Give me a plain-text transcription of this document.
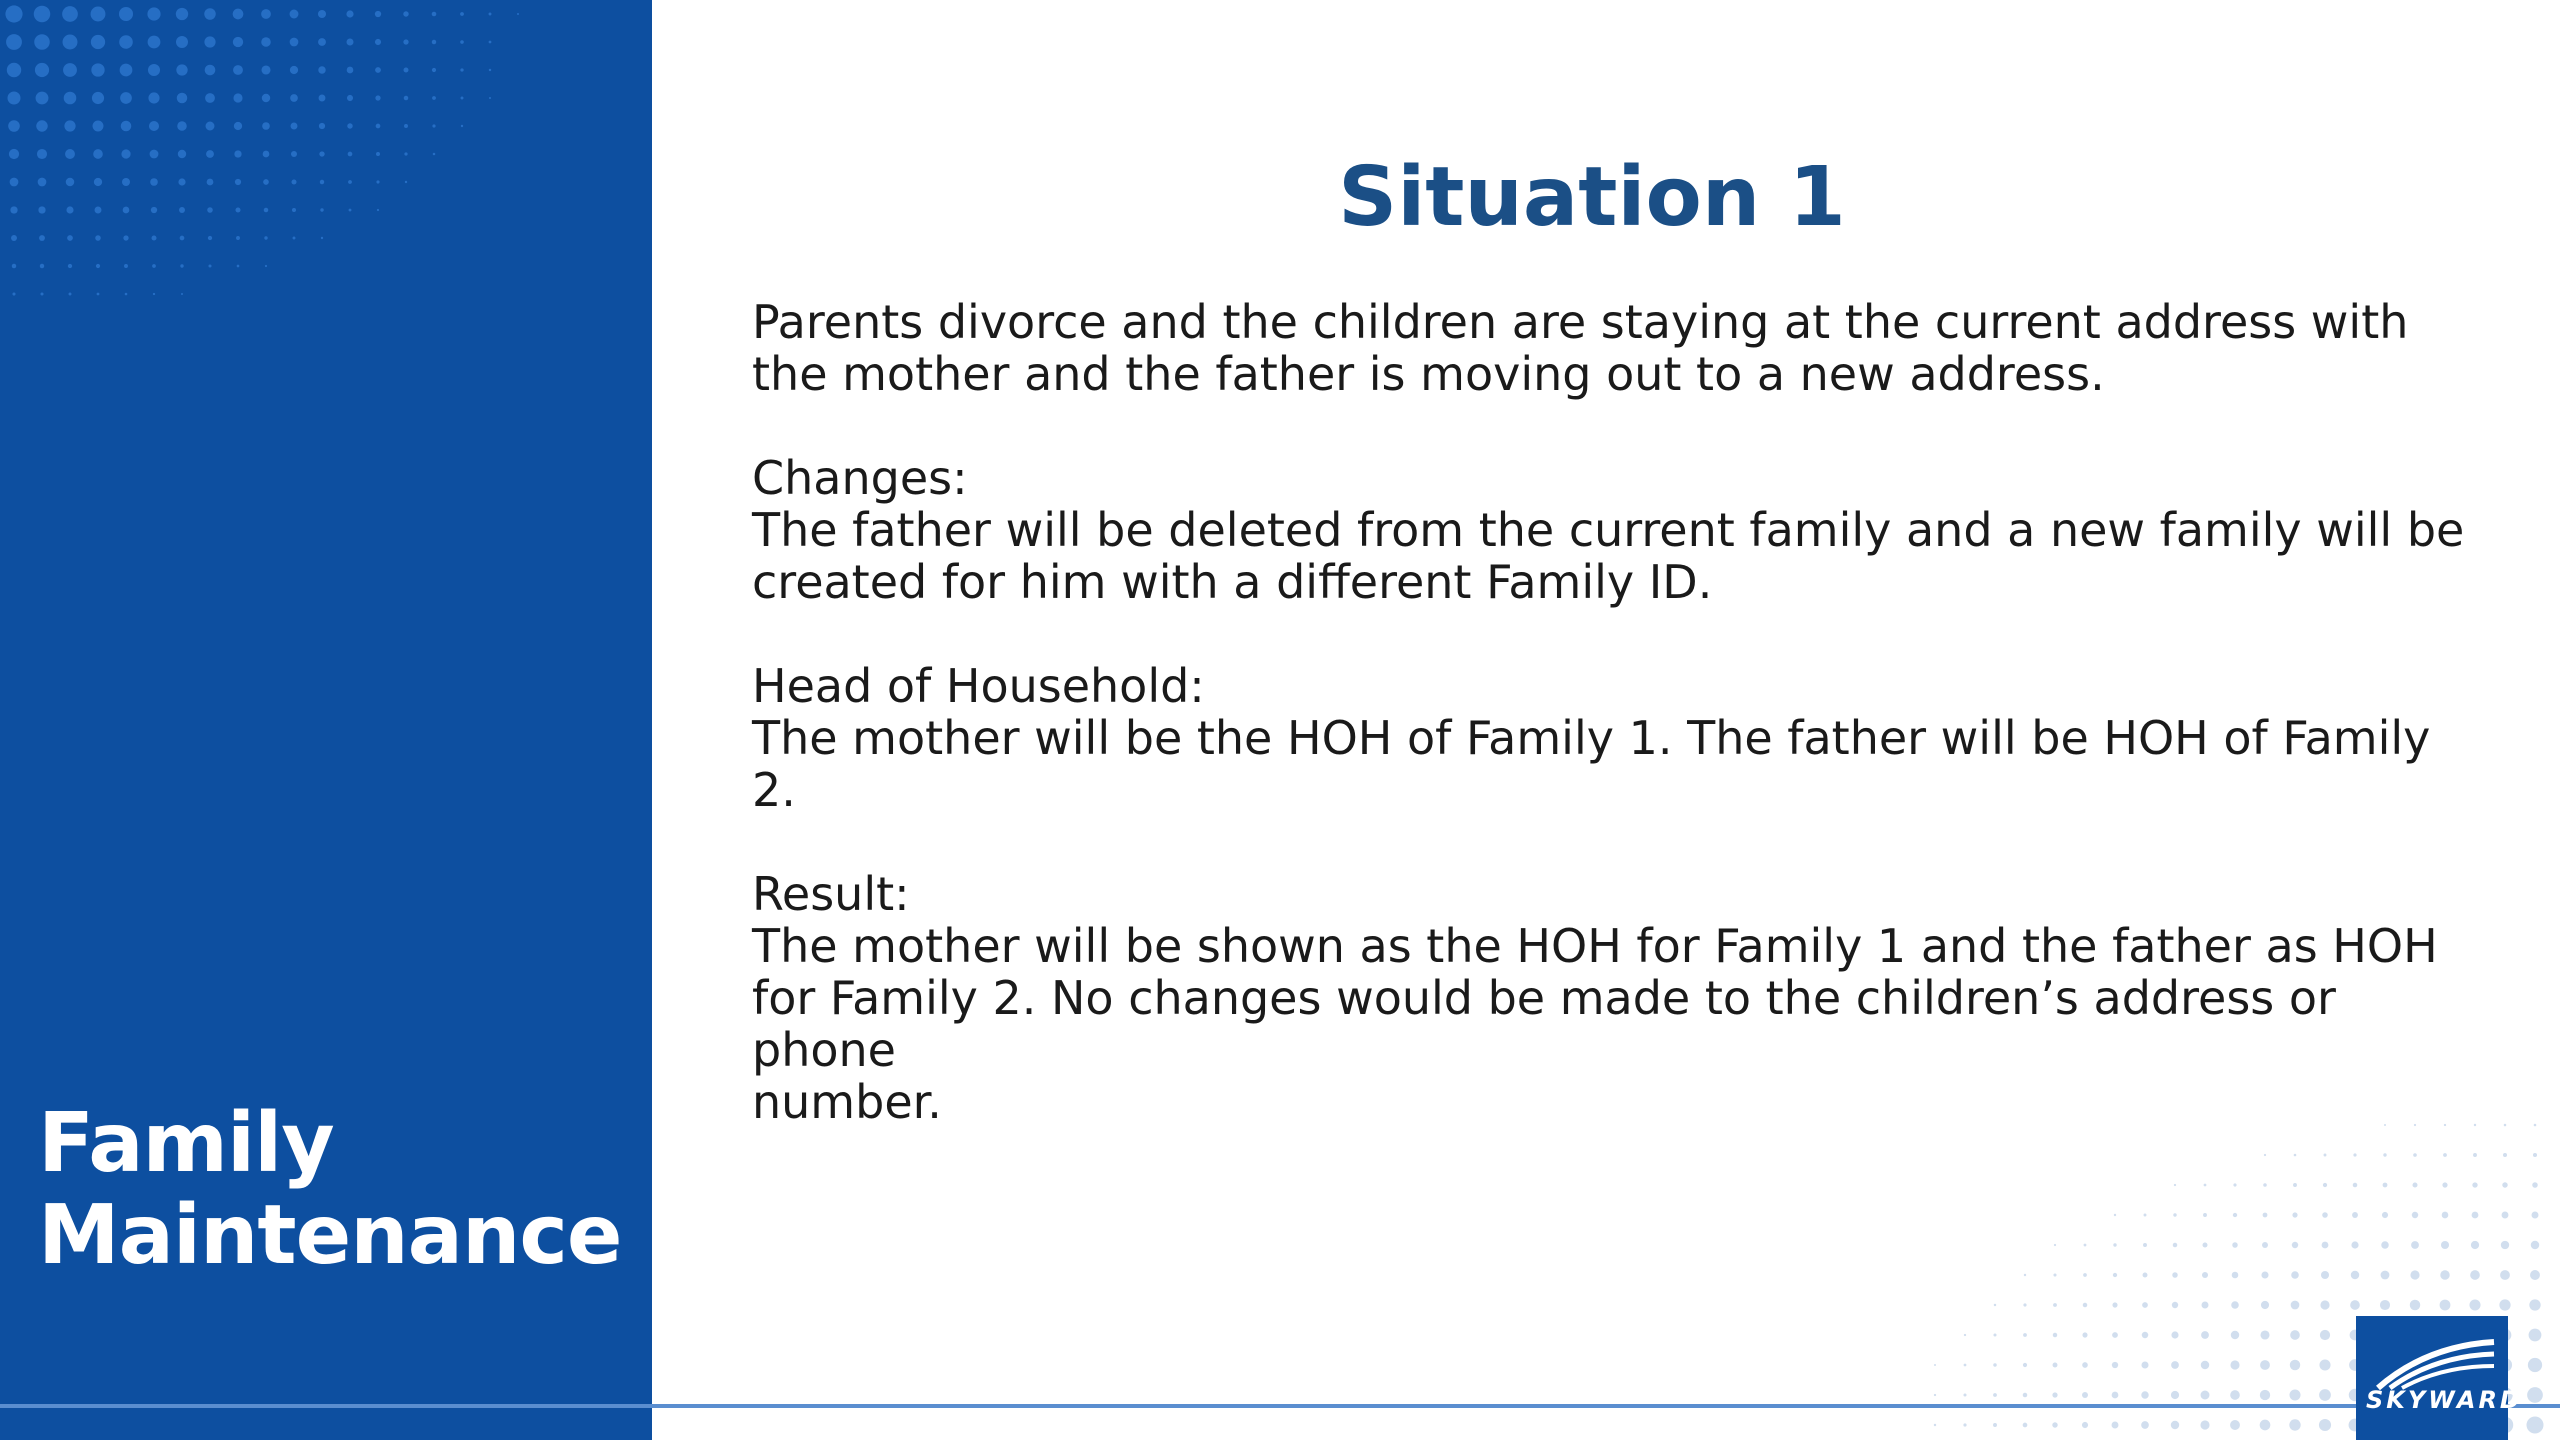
Family
Maintenance
Situation 1

Parents divorce and the children are staying at the current address with

the mother and the father is moving out to a new address.

Changes:

The father will be deleted from the current family and a new family will be

created for him with a different Family ID.

Head of Household:

The mother will be the HOH of Family 1. The father will be HOH of Family 2.

Result:

The mother will be shown as the HOH for Family 1 and the father as HOH

for Family 2. No changes would be made to the children’s address or phone

number.

SKYWARD
